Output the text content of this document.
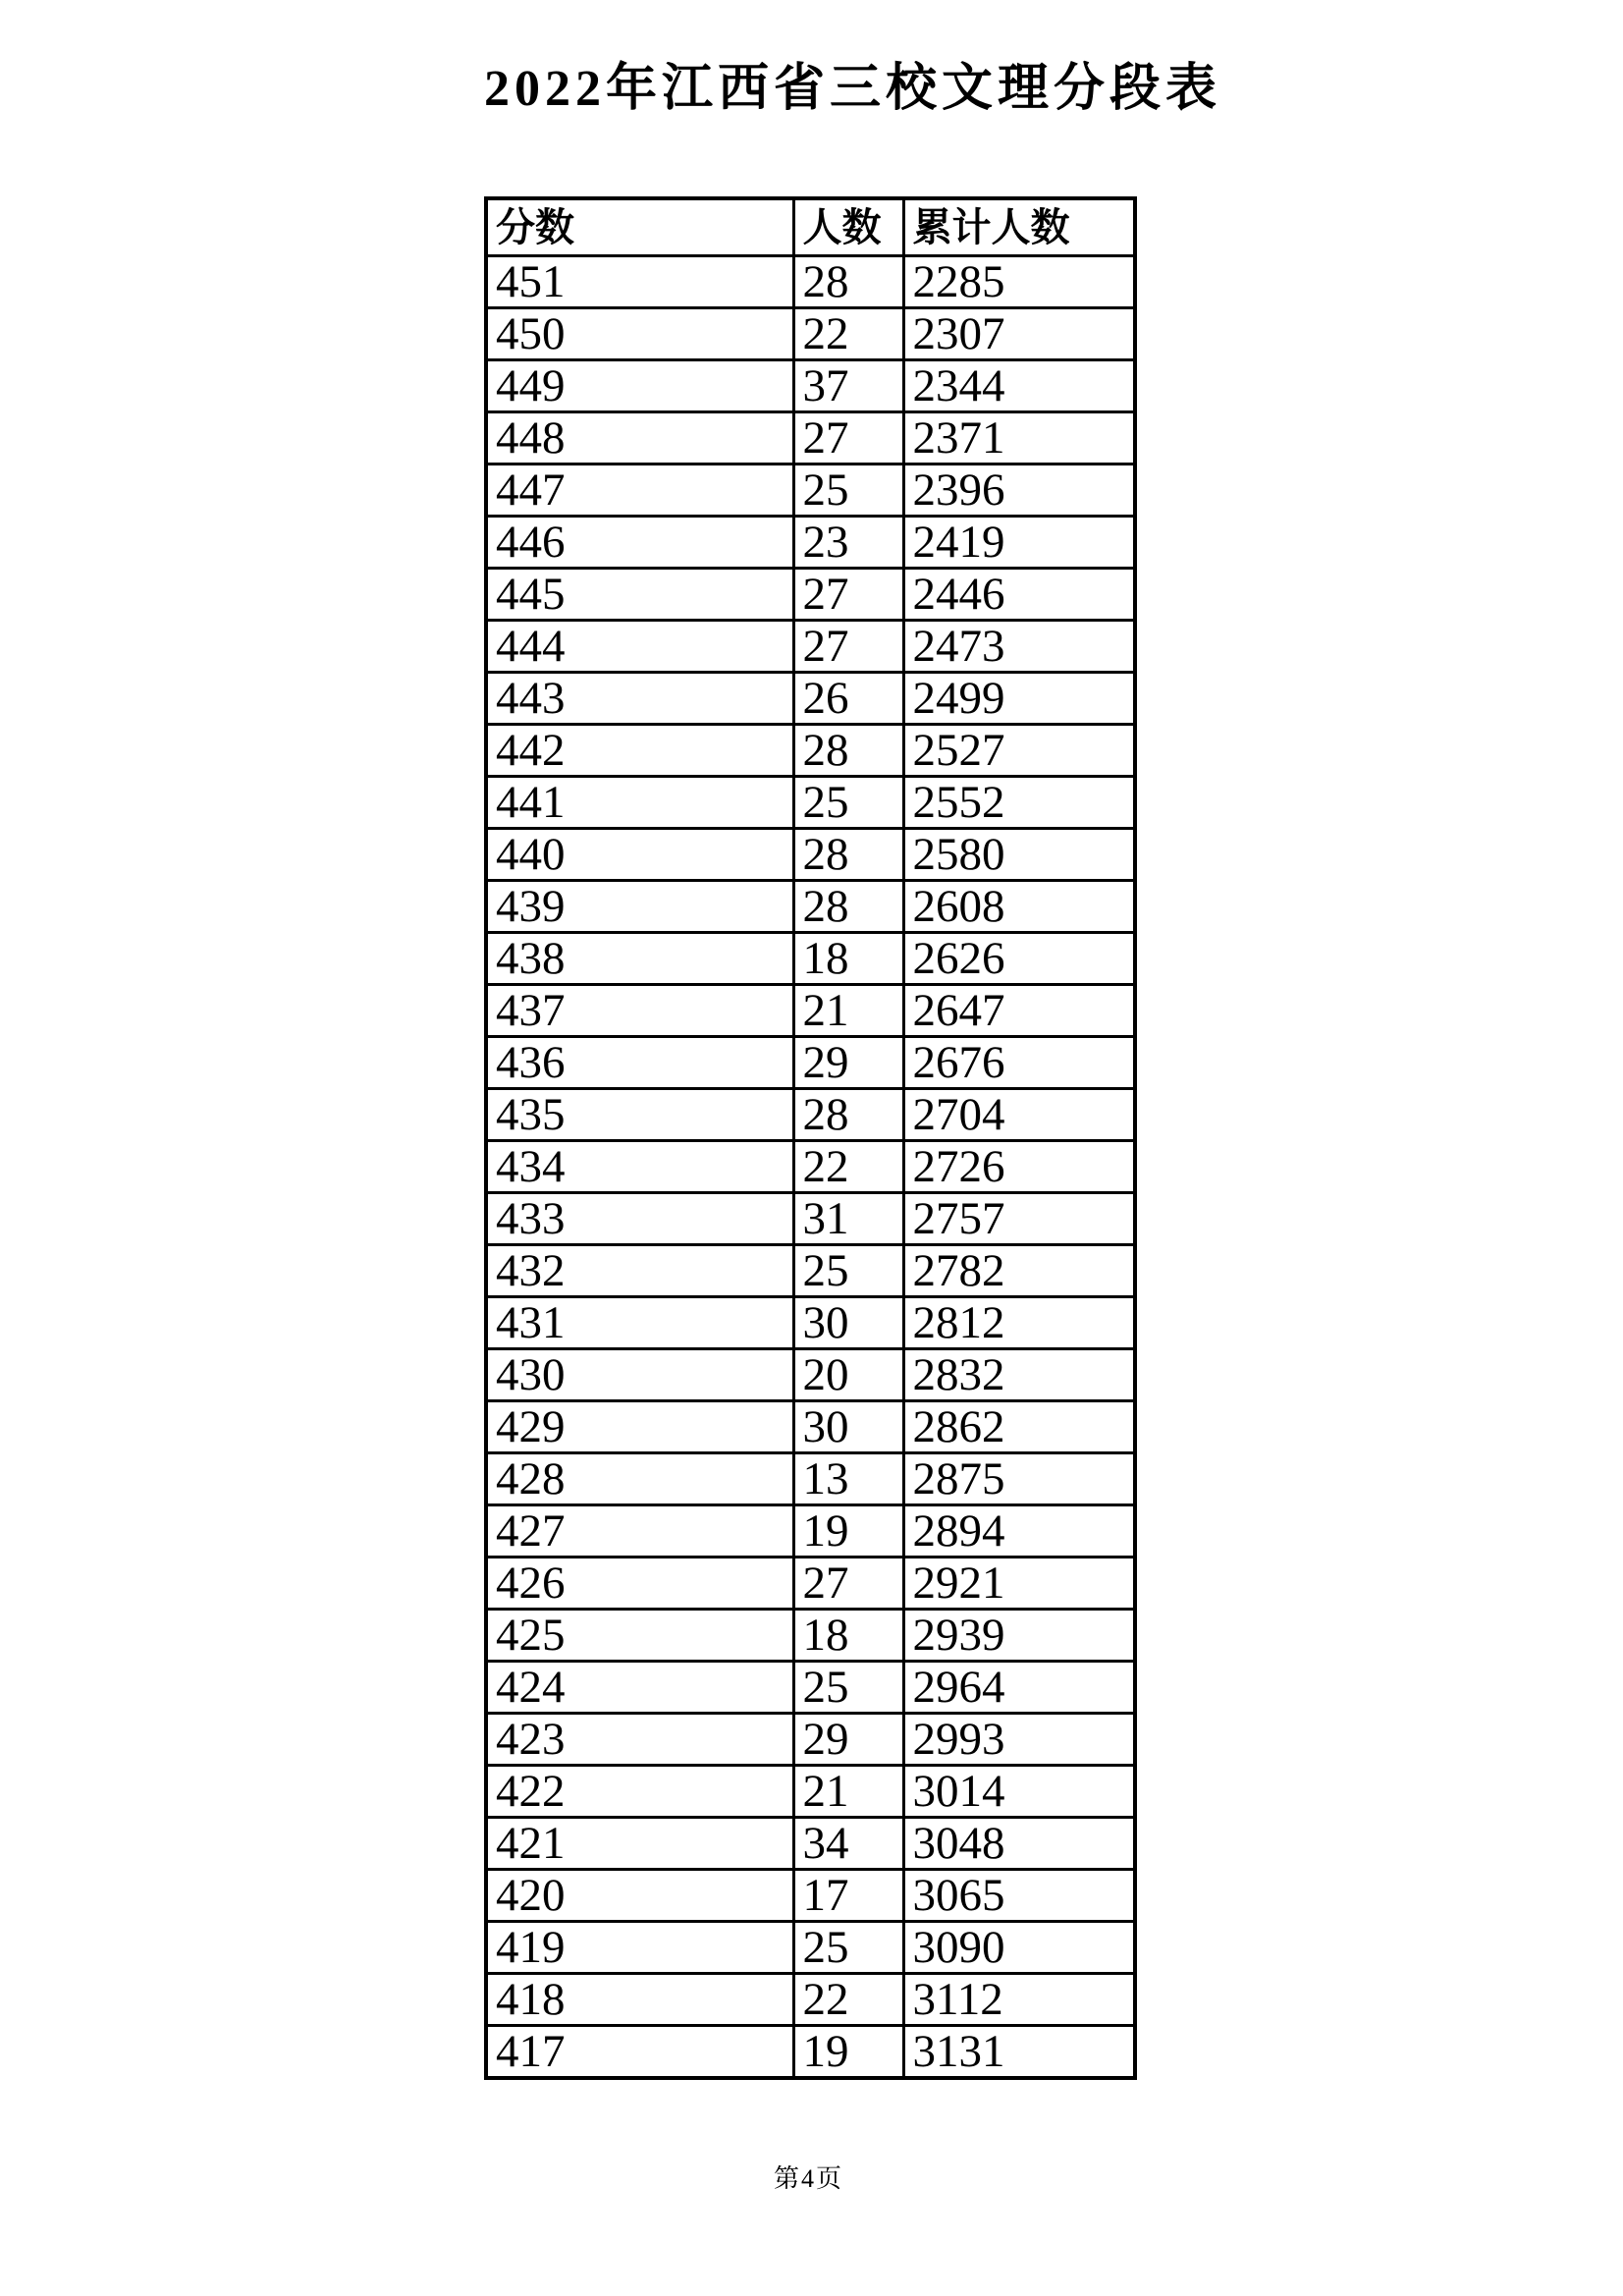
2022年江西省三校文理分段表
分数	人数	累计人数
451	28	2285
450	22	2307
449	37	2344
448	27	2371
447	25	2396
446	23	2419
445	27	2446
444	27	2473
443	26	2499
442	28	2527
441	25	2552
440	28	2580
439	28	2608
438	18	2626
437	21	2647
436	29	2676
435	28	2704
434	22	2726
433	31	2757
432	25	2782
431	30	2812
430	20	2832
429	30	2862
428	13	2875
427	19	2894
426	27	2921
425	18	2939
424	25	2964
423	29	2993
422	21	3014
421	34	3048
420	17	3065
419	25	3090
418	22	3112
417	19	3131
第4页
